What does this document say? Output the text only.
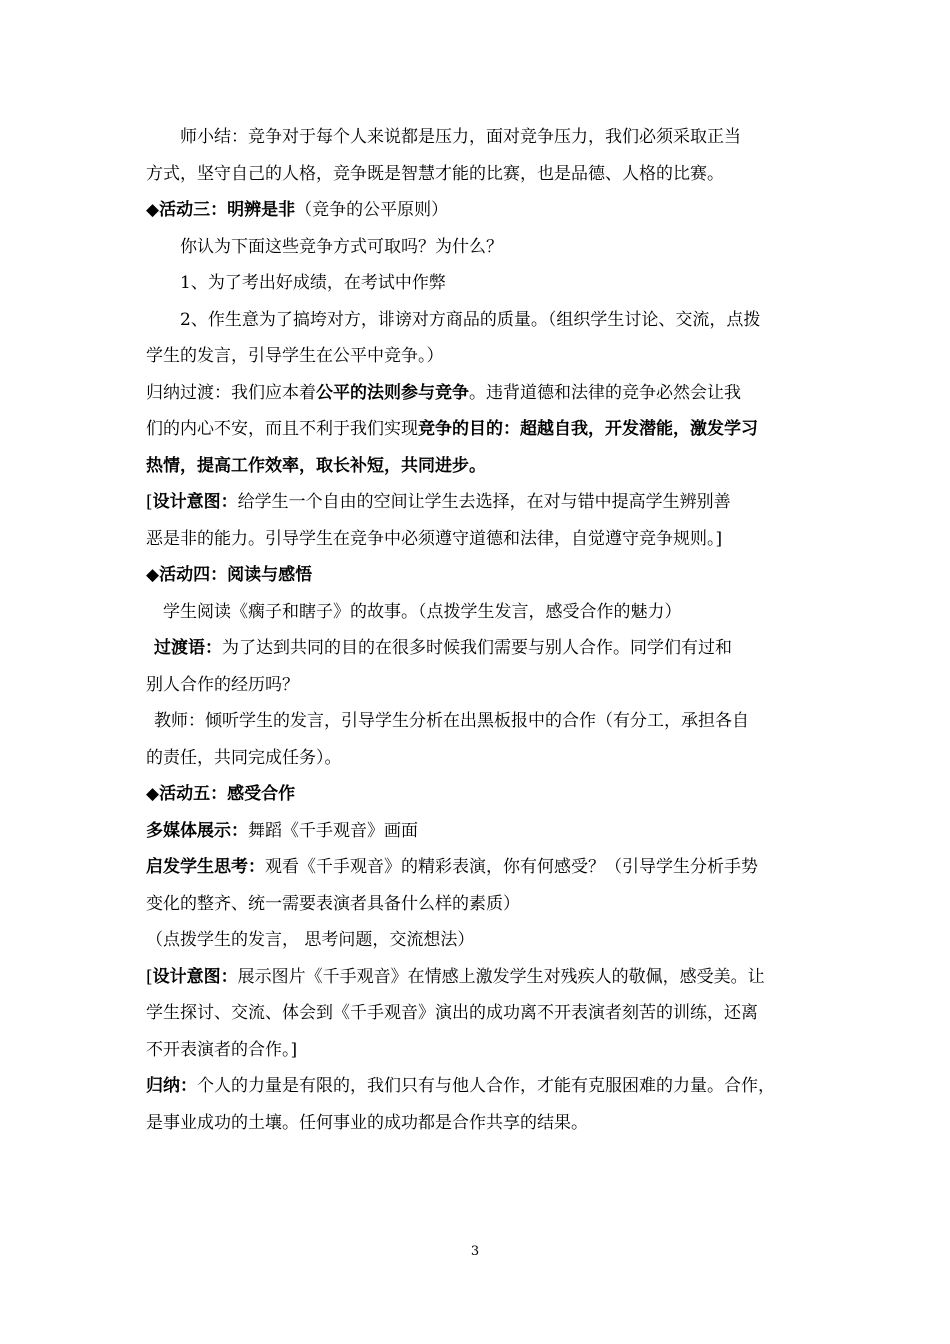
师小结：竞争对于每个人来说都是压力，面对竞争压力，我们必须采取正当
方式，坚守自己的人格，竞争既是智慧才能的比赛，也是品德、人格的比赛。
◆活动三：明辨是非（竞争的公平原则）
你认为下面这些竞争方式可取吗？为什么？
1、为了考出好成绩，在考试中作弊
2、作生意为了搞垮对方，诽谤对方商品的质量。（组织学生讨论、交流，点拨
学生的发言，引导学生在公平中竞争。）
归纳过渡：我们应本着公平的法则参与竞争。违背道德和法律的竞争必然会让我
们的内心不安，而且不利于我们实现竞争的目的：超越自我，开发潜能，激发学习
热情，提高工作效率，取长补短，共同进步。
[设计意图：给学生一个自由的空间让学生去选择，在对与错中提高学生辨别善
恶是非的能力。引导学生在竞争中必须遵守道德和法律，自觉遵守竞争规则。]
◆活动四：阅读与感悟
学生阅读《瘸子和瞎子》的故事。（点拨学生发言，感受合作的魅力）
过渡语：为了达到共同的目的在很多时候我们需要与别人合作。同学们有过和
别人合作的经历吗？
教师：倾听学生的发言，引导学生分析在出黑板报中的合作（有分工，承担各自
的责任，共同完成任务）。
◆活动五：感受合作
多媒体展示：舞蹈《千手观音》画面
启发学生思考：观看《千手观音》的精彩表演，你有何感受？（引导学生分析手势
变化的整齐、统一需要表演者具备什么样的素质）
（点拨学生的发言， 思考问题，交流想法）
[设计意图：展示图片《千手观音》在情感上激发学生对残疾人的敬佩，感受美。让
学生探讨、交流、体会到《千手观音》演出的成功离不开表演者刻苦的训练，还离
不开表演者的合作。]
归纳：个人的力量是有限的，我们只有与他人合作，才能有克服困难的力量。合作，
是事业成功的土壤。任何事业的成功都是合作共享的结果。
3
